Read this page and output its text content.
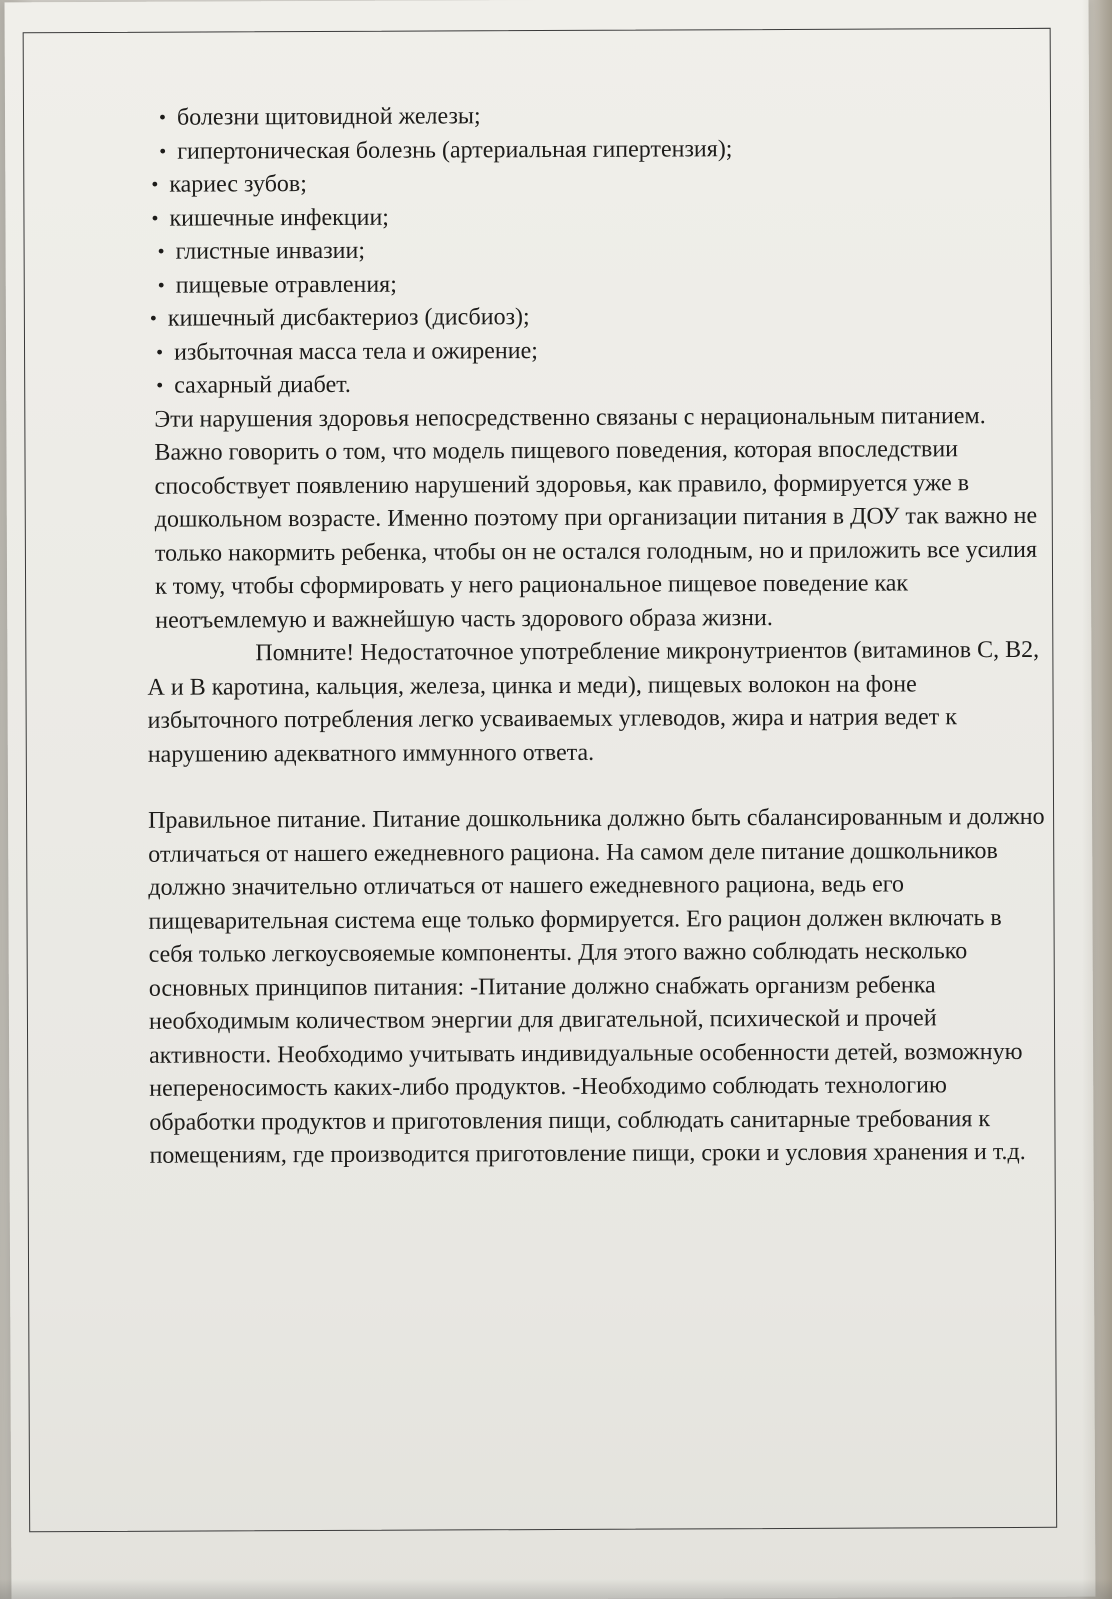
• болезни щитовидной железы;
• гипертоническая болезнь (артериальная гипертензия);
• кариес зубов;
• кишечные инфекции;
• глистные инвазии;
• пищевые отравления;
• кишечный дисбактериоз (дисбиоз);
• избыточная масса тела и ожирение;
• сахарный диабет.

Эти нарушения здоровья непосредственно связаны с нерациональным питанием. Важно говорить о том, что модель пищевого поведения, которая впоследствии способствует появлению нарушений здоровья, как правило, формируется уже в дошкольном возрасте. Именно поэтому при организации питания в ДОУ так важно не только накормить ребенка, чтобы он не остался голодным, но и приложить все усилия к тому, чтобы сформировать у него рациональное пищевое поведение как неотъемлемую и важнейшую часть здорового образа жизни.

Помните! Недостаточное употребление микронутриентов (витаминов С, В2, А и В каротина, кальция, железа, цинка и меди), пищевых волокон на фоне избыточного потребления легко усваиваемых углеводов, жира и натрия ведет к нарушению адекватного иммунного ответа.

Правильное питание. Питание дошкольника должно быть сбалансированным и должно отличаться от нашего ежедневного рациона. На самом деле питание дошкольников должно значительно отличаться от нашего ежедневного рациона, ведь его пищеварительная система еще только формируется. Его рацион должен включать в себя только легкоусвояемые компоненты. Для этого важно соблюдать несколько основных принципов питания: -Питание должно снабжать организм ребенка необходимым количеством энергии для двигательной, психической и прочей активности. Необходимо учитывать индивидуальные особенности детей, возможную непереносимость каких-либо продуктов. -Необходимо соблюдать технологию обработки продуктов и приготовления пищи, соблюдать санитарные требования к помещениям, где производится приготовление пищи, сроки и условия хранения и т.д.
